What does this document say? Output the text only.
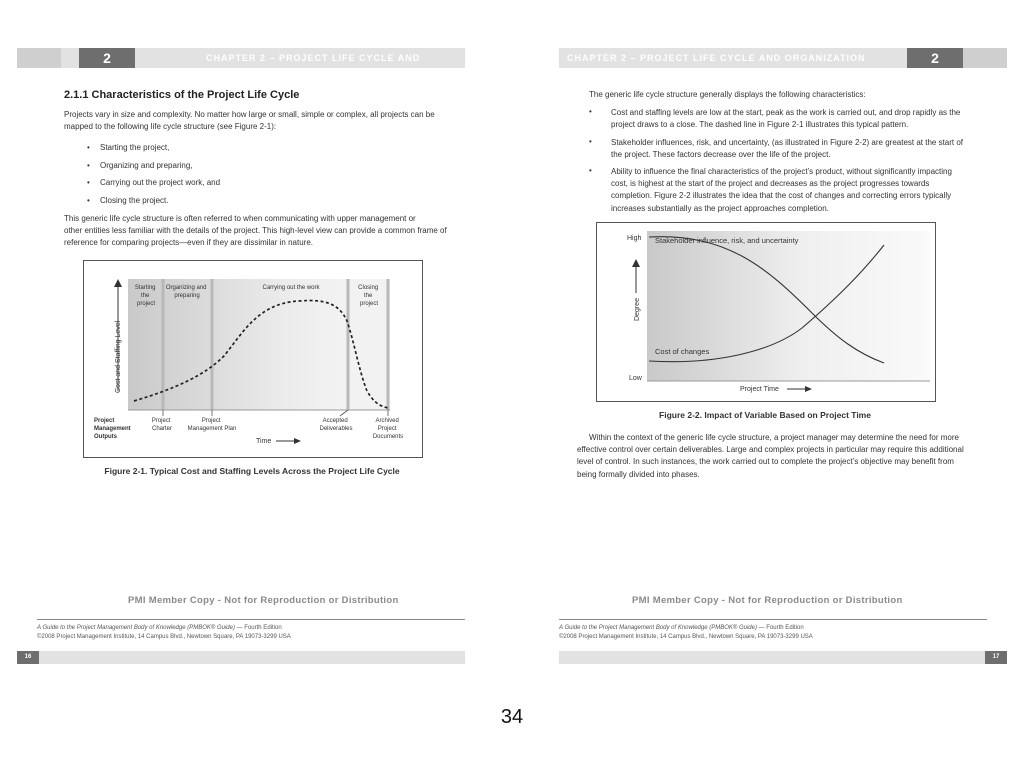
2	CHAPTER 2 – PROJECT LIFE CYCLE AND ORGANIZATION
2.1.1 Characteristics of the Project Life Cycle
Projects vary in size and complexity. No matter how large or small, simple or complex, all projects can be
mapped to the following life cycle structure (see Figure 2-1):
• Starting the project,
• Organizing and preparing,
• Carrying out the project work, and
• Closing the project.
This generic life cycle structure is often referred to when communicating with upper management or
other entities less familiar with the details of the project. This high-level view can provide a common frame of
reference for comparing projects—even if they are dissimilar in nature.
Cost and Staffing Level
Starting the project
Organizing and preparing
Carrying out the work	Closing the project
Project Management Outputs
Project Charter
Project Management Plan
Accepted Deliverables
Archived Project Documents
Time
Figure 2-1. Typical Cost and Staffing Levels Across the Project Life Cycle
PMI Member Copy - Not for Reproduction or Distribution
A Guide to the Project Management Body of Knowledge (PMBOK® Guide) — Fourth Edition
©2008 Project Management Institute, 14 Campus Blvd., Newtown Square, PA 19073-3299 USA
16
CHAPTER 2 – PROJECT LIFE CYCLE AND ORGANIZATION	2
The generic life cycle structure generally displays the following characteristics:
• Cost and staffing levels are low at the start, peak as the work is carried out, and drop rapidly as the
project draws to a close. The dashed line in Figure 2-1 illustrates this typical pattern.
• Stakeholder influences, risk, and uncertainty, (as illustrated in Figure 2-2) are greatest at the start of
the project. These factors decrease over the life of the project.
• Ability to influence the final characteristics of the project’s product, without significantly impacting
cost, is highest at the start of the project and decreases as the project progresses towards
completion. Figure 2-2 illustrates the idea that the cost of changes and correcting errors typically
increases substantially as the project approaches completion.
High
Low
Degree
Stakeholder influence, risk, and uncertainty
Cost of changes
Project Time
Figure 2-2. Impact of Variable Based on Project Time
Within the context of the generic life cycle structure, a project manager may determine the need for more
effective control over certain deliverables. Large and complex projects in particular may require this additional
level of control. In such instances, the work carried out to complete the project’s objective may benefit from
being formally divided into phases.
PMI Member Copy - Not for Reproduction or Distribution
A Guide to the Project Management Body of Knowledge (PMBOK® Guide) — Fourth Edition
©2008 Project Management Institute, 14 Campus Blvd., Newtown Square, PA 19073-3299 USA
17
34
